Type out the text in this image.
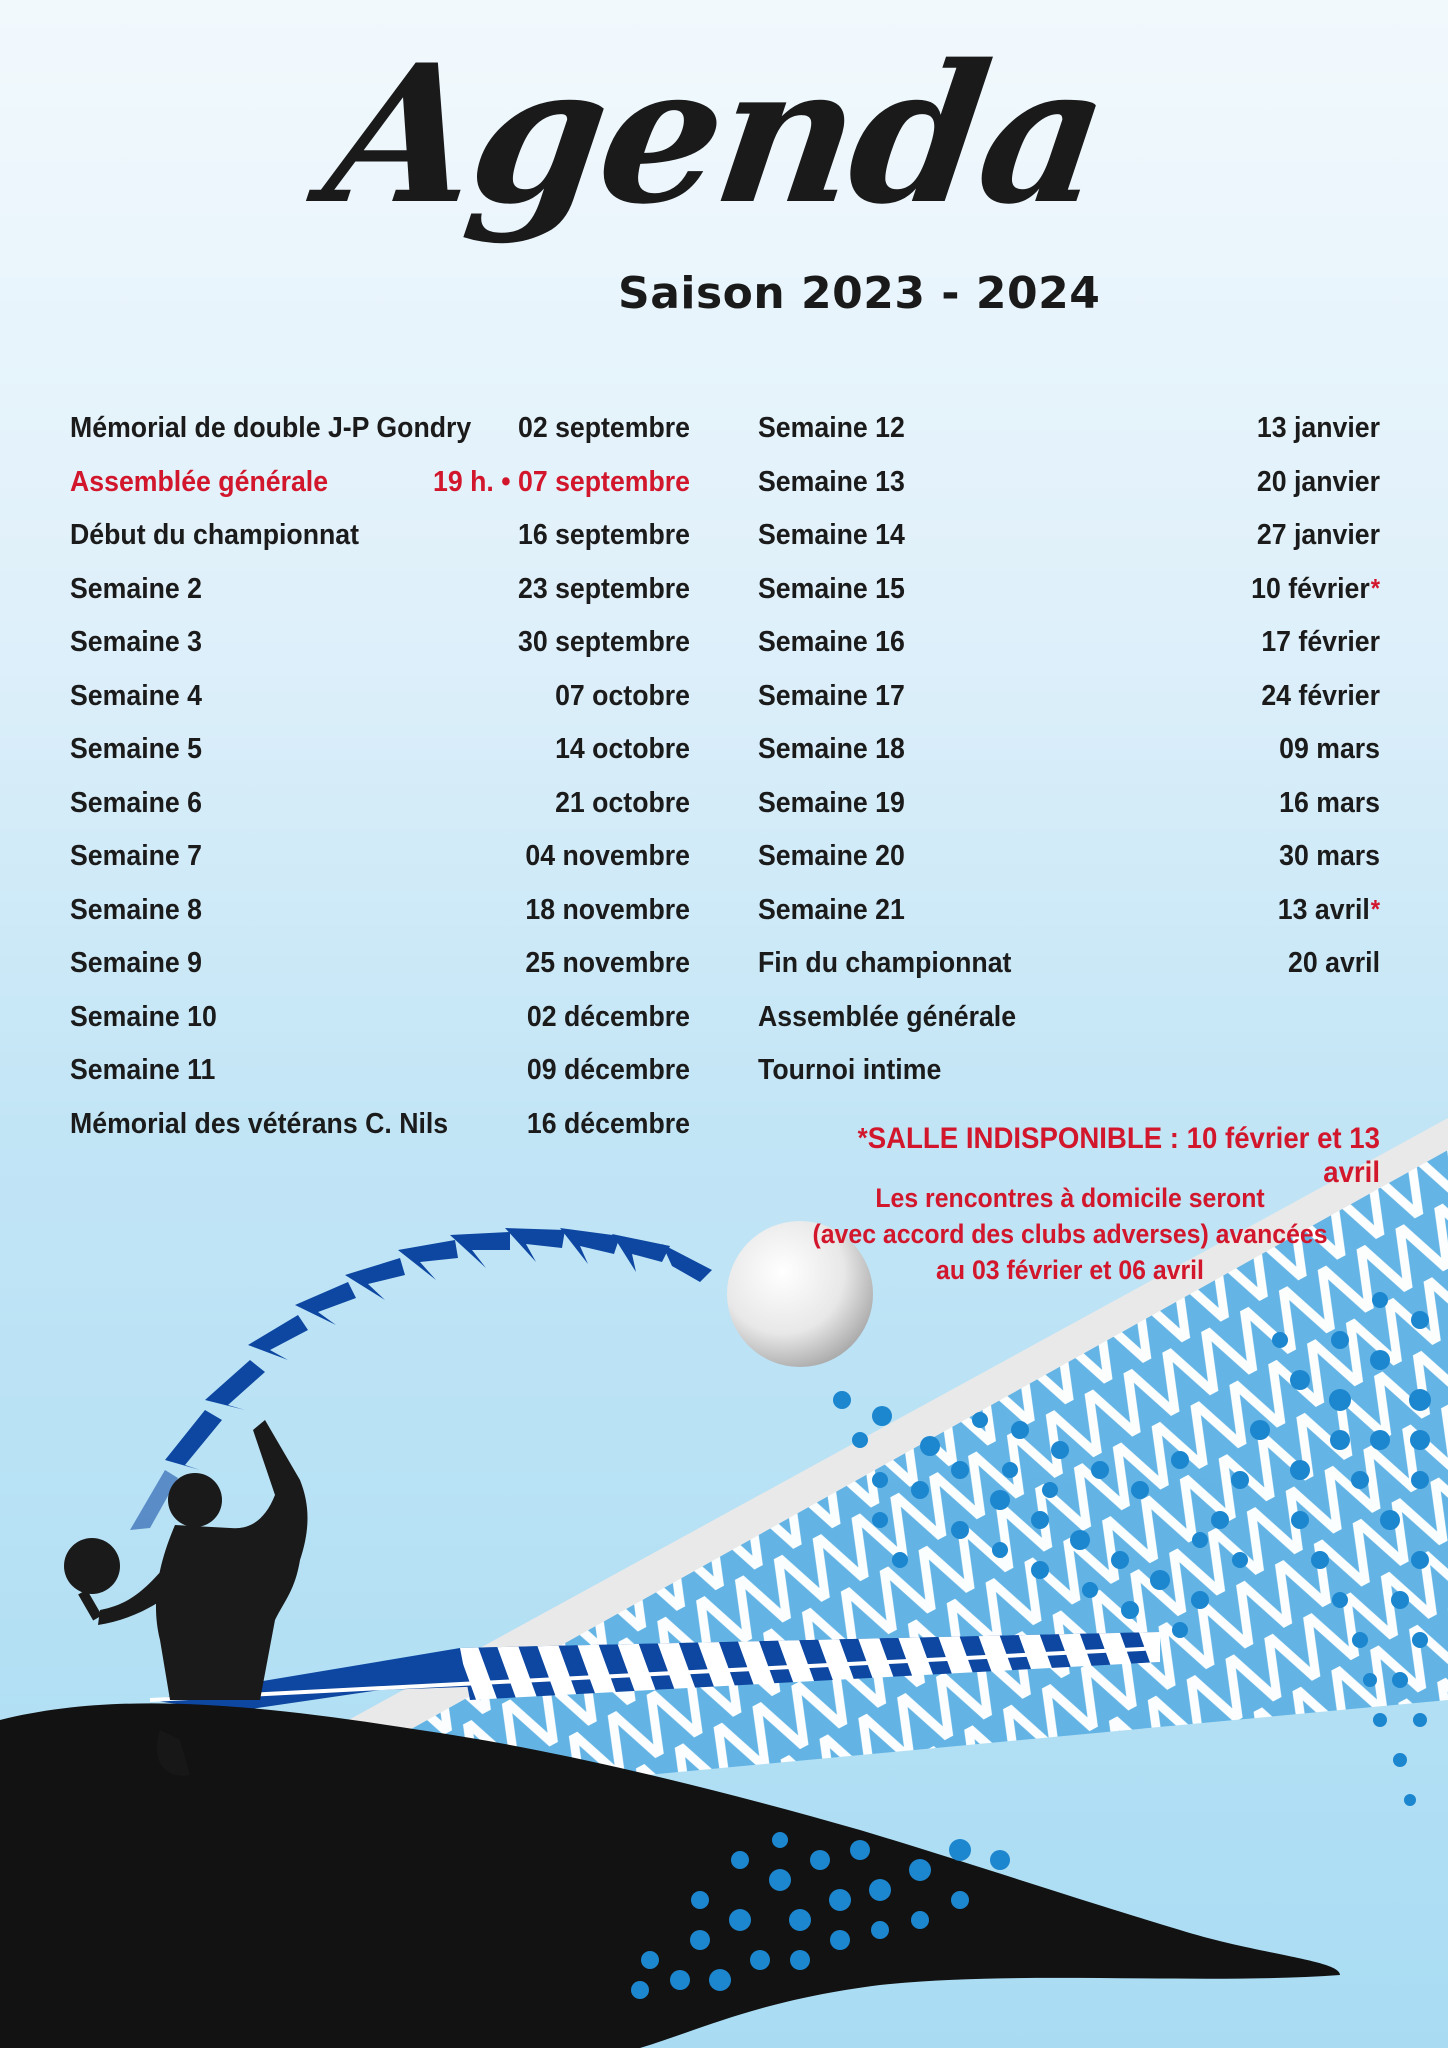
Agenda
Saison 2023 - 2024
Mémorial de double J-P Gondry 02 septembre
Assemblée générale	19 h. • 07 septembre
Début du championnat	16 septembre
Semaine 2	23 septembre
Semaine 3	30 septembre
Semaine 4	07 octobre
Semaine 5	14 octobre
Semaine 6	21 octobre
Semaine 7	04 novembre
Semaine 8	18 novembre
Semaine 9	25 novembre
Semaine 10	02 décembre
Semaine 11	09 décembre
Mémorial des vétérans C. Nils	16 décembre
Semaine 12	13 janvier
Semaine 13	20 janvier
Semaine 14	27 janvier
Semaine 15	10 février*
Semaine 16	17 février
Semaine 17	24 février
Semaine 18	09 mars
Semaine 19	16 mars
Semaine 20	30 mars
Semaine 21	13 avril*
Fin du championnat	20 avril
Assemblée générale
Tournoi intime
*SALLE INDISPONIBLE : 10 février et 13 avril
Les rencontres à domicile seront
(avec accord des clubs adverses) avancées
au 03 février et 06 avril
